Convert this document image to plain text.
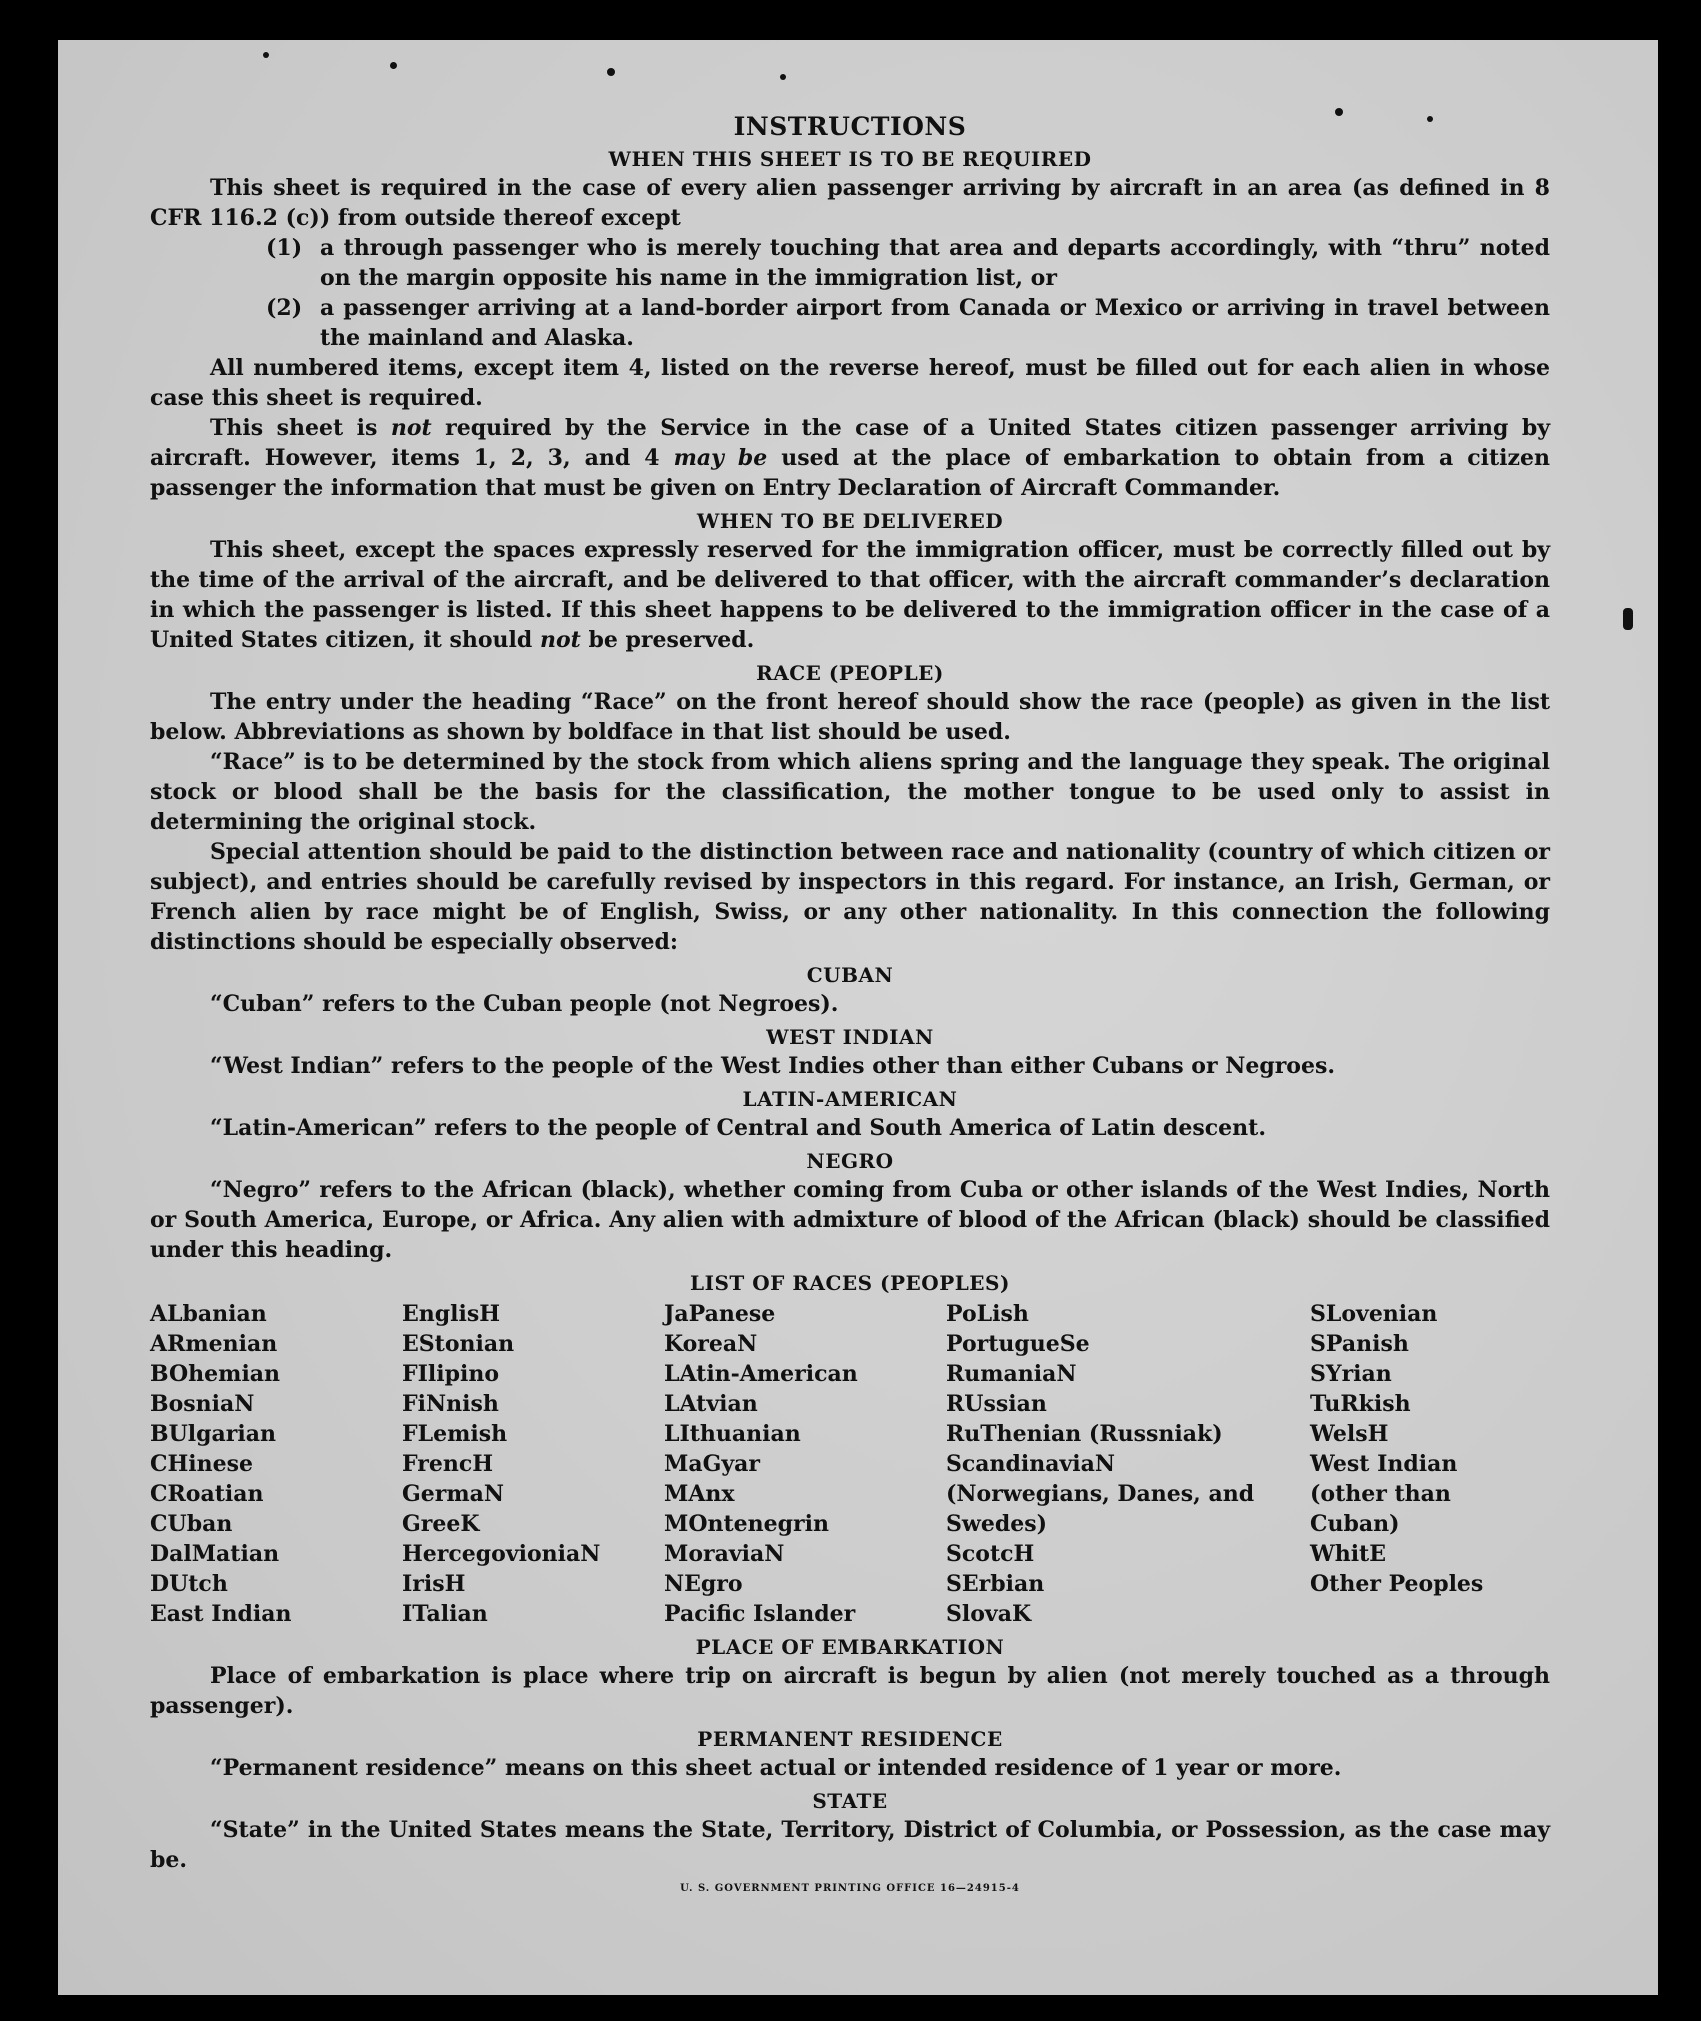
INSTRUCTIONS
WHEN THIS SHEET IS TO BE REQUIRED

This sheet is required in the case of every alien passenger arriving by aircraft in an area (as defined in 8 CFR 116.2 (c)) from outside thereof except

(1) a through passenger who is merely touching that area and departs accordingly, with “thru” noted on the margin opposite his name in the immigration list, or
(2) a passenger arriving at a land-border airport from Canada or Mexico or arriving in travel between the mainland and Alaska.

All numbered items, except item 4, listed on the reverse hereof, must be filled out for each alien in whose case this sheet is required.

This sheet is not required by the Service in the case of a United States citizen passenger arriving by aircraft. However, items 1, 2, 3, and 4 may be used at the place of embarkation to obtain from a citizen passenger the information that must be given on Entry Declaration of Aircraft Commander.

WHEN TO BE DELIVERED

This sheet, except the spaces expressly reserved for the immigration officer, must be correctly filled out by the time of the arrival of the aircraft, and be delivered to that officer, with the aircraft commander’s declaration in which the passenger is listed. If this sheet happens to be delivered to the immigration officer in the case of a United States citizen, it should not be preserved.

RACE (PEOPLE)

The entry under the heading “Race” on the front hereof should show the race (people) as given in the list below. Abbreviations as shown by boldface in that list should be used.

“Race” is to be determined by the stock from which aliens spring and the language they speak. The original stock or blood shall be the basis for the classification, the mother tongue to be used only to assist in determining the original stock.

Special attention should be paid to the distinction between race and nationality (country of which citizen or subject), and entries should be carefully revised by inspectors in this regard. For instance, an Irish, German, or French alien by race might be of English, Swiss, or any other nationality. In this connection the following distinctions should be especially observed:

CUBAN

“Cuban” refers to the Cuban people (not Negroes).

WEST INDIAN

“West Indian” refers to the people of the West Indies other than either Cubans or Negroes.

LATIN-AMERICAN

“Latin-American” refers to the people of Central and South America of Latin descent.

NEGRO

“Negro” refers to the African (black), whether coming from Cuba or other islands of the West Indies, North or South America, Europe, or Africa. Any alien with admixture of blood of the African (black) should be classified under this heading.

LIST OF RACES (PEOPLES)
ALbanian
ARmenian
BOhemian
BosniaN
BUlgarian
CHinese
CRoatian
CUban
DalMatian
DUtch
East Indian
EnglisH
EStonian
FIlipino
FiNnish
FLemish
FrencH
GermaN
GreeK
HercegovioniaN
IrisH
ITalian
JaPanese
KoreaN
LAtin-American
LAtvian
LIthuanian
MaGyar
MAnx
MOntenegrin
MoraviaN
NEgro
Pacific Islander
PoLish
PortugueSe
RumaniaN
RUssian
RuThenian (Russniak)
ScandinaviaN (Norwegians, Danes, and Swedes)
ScotcH
SErbian
SlovaK
SLovenian
SPanish
SYrian
TuRkish
WelsH
West Indian (other than Cuban)
WhitE
Other Peoples
PLACE OF EMBARKATION

Place of embarkation is place where trip on aircraft is begun by alien (not merely touched as a through passenger).

PERMANENT RESIDENCE

“Permanent residence” means on this sheet actual or intended residence of 1 year or more.

STATE

“State” in the United States means the State, Territory, District of Columbia, or Possession, as the case may be.

U. S. GOVERNMENT PRINTING OFFICE 16—24915-4
